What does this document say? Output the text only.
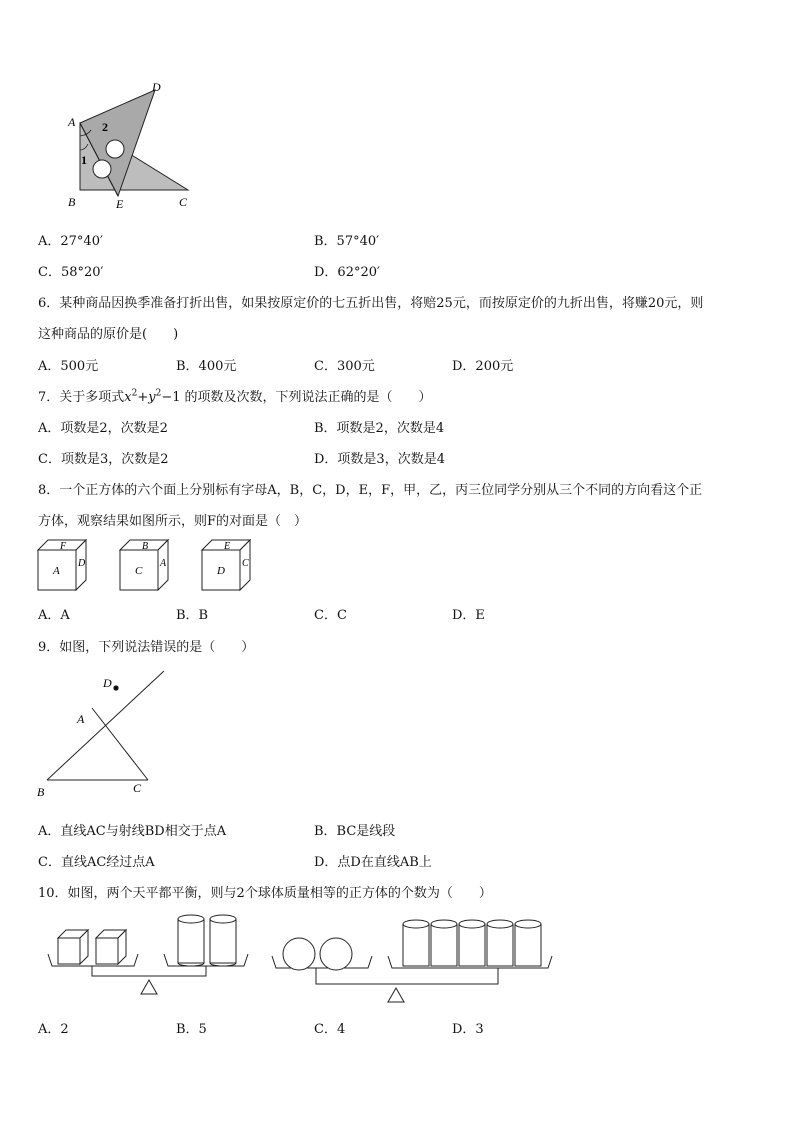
A
D
2
1
B	E	C
A．27°40′	B．57°40′
C．58°20′	D．62°20′
6．某种商品因换季准备打折出售，如果按原定价的七五折出售，将赔25元，而按原定价的九折出售，将赚20元，则
这种商品的原价是(　　)
A．500元	B．400元	C．300元	D．200元
7．关于多项式$x^2+y^2-1$ 的项数及次数，下列说法正确的是（　　）
A．项数是2，次数是2	B．项数是2，次数是4
C．项数是3，次数是2	D．项数是3，次数是4
8．一个正方体的六个面上分别标有字母A，B，C，D，E，F，甲，乙，丙三位同学分别从三个不同的方向看这个正
方体，观察结果如图所示，则F的对面是（　）
F
A
D
B
C
A
E
D
C
A．A	B．B	C．C	D．E
9．如图，下列说法错误的是（　　）
D
A
B	C
A．直线AC与射线BD相交于点A	B．BC是线段
C．直线AC经过点A	D．点D在直线AB上
10．如图，两个天平都平衡，则与2个球体质量相等的正方体的个数为（　　）
A．2	B．5	C．4	D．3
